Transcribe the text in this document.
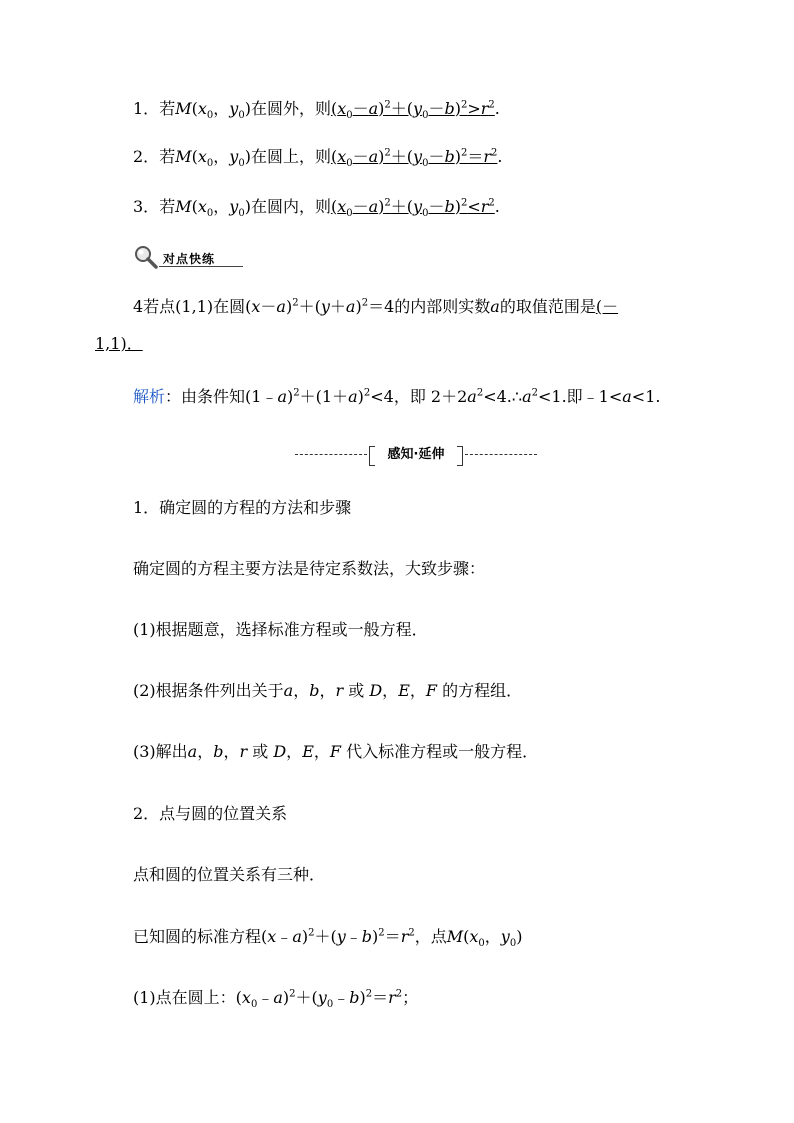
1．若$M(x_0$，$y_0$)在圆外，则$(x_0-a)^2+(y_0-b)^2>r^2$.
2．若$M(x_0$，$y_0$)在圆上，则$(x_0-a)^2+(y_0-b)^2=r^2$.
3．若$M(x_0$，$y_0$)在圆内，则$(x_0-a)^2+(y_0-b)^2<r^2$.
对点快练
4若点(1,1)在圆$(x-a)^2+(y+a)^2=4$的内部则实数a的取值范围是(－
1,1)．
解析：由条件知$(1﹣a)^2+(1+a)^2<4$，即 $2+2a^2<4.\therefore a^2<1$.即﹣1<a<1.
感知·延伸
1．确定圆的方程的方法和步骤
确定圆的方程主要方法是待定系数法，大致步骤：
(1)根据题意，选择标准方程或一般方程．
(2)根据条件列出关于a，b，r 或 D，E，F 的方程组．
(3)解出a，b，r 或 D，E，F 代入标准方程或一般方程．
2．点与圆的位置关系
点和圆的位置关系有三种．
已知圆的标准方程$(x﹣a)^2+(y﹣b)^2=r^2$，点$M(x_0$，$y_0$)
(1)点在圆上：$(x_0﹣a)^2+(y_0﹣b)^2=r^2$；
